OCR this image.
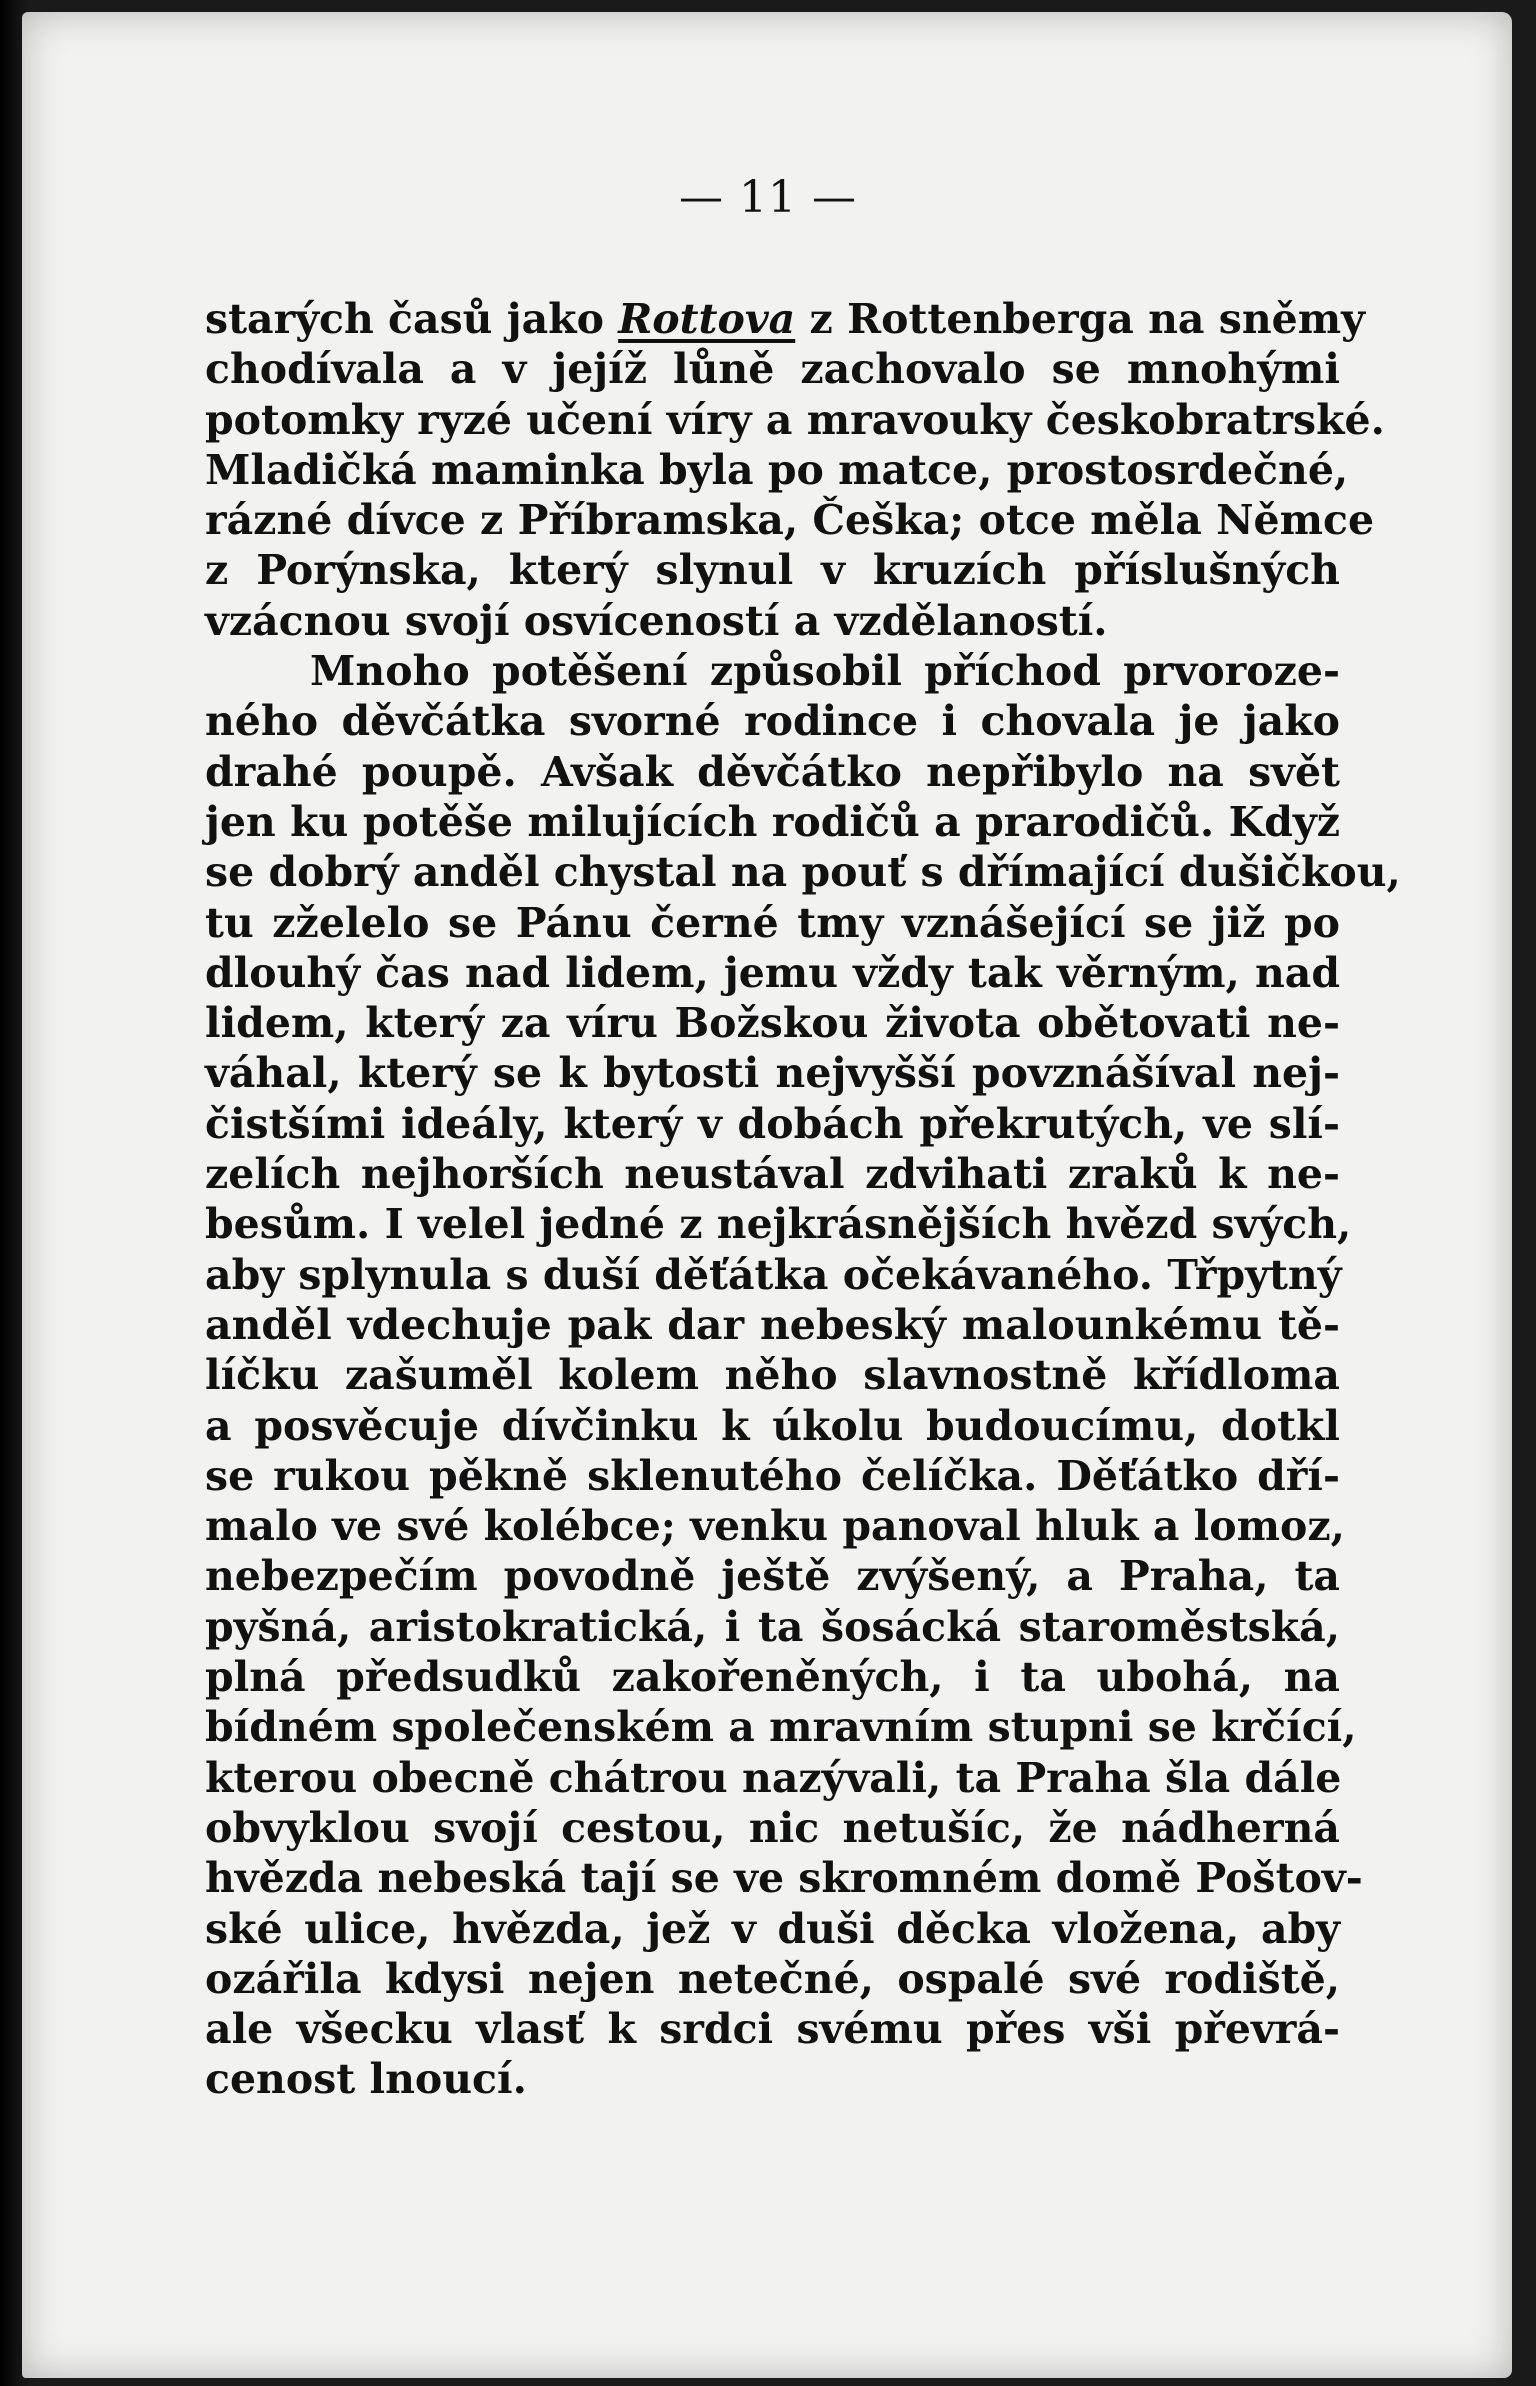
— 11 —
starých časů jako Rottova z Rottenberga na sněmy
chodívala a v jejíž lůně zachovalo se mnohými
potomky ryzé učení víry a mravouky českobratrské.
Mladičká maminka byla po matce, prostosrdečné,
rázné dívce z Příbramska, Češka; otce měla Němce
z Porýnska, který slynul v kruzích příslušných
vzácnou svojí osvíceností a vzdělaností.
Mnoho potěšení způsobil příchod prvoroze-
ného děvčátka svorné rodince i chovala je jako
drahé poupě. Avšak děvčátko nepřibylo na svět
jen ku potěše milujících rodičů a prarodičů. Když
se dobrý anděl chystal na pouť s dřímající dušičkou,
tu zželelo se Pánu černé tmy vznášející se již po
dlouhý čas nad lidem, jemu vždy tak věrným, nad
lidem, který za víru Božskou života obětovati ne-
váhal, který se k bytosti nejvyšší povznášíval nej-
čistšími ideály, který v dobách překrutých, ve slí-
zelích nejhorších neustával zdvihati zraků k ne-
besům. I velel jedné z nejkrásnějších hvězd svých,
aby splynula s duší děťátka očekávaného. Třpytný
anděl vdechuje pak dar nebeský malounkému tě-
líčku zašuměl kolem něho slavnostně křídloma
a posvěcuje dívčinku k úkolu budoucímu, dotkl
se rukou pěkně sklenutého čelíčka. Děťátko dří-
malo ve své kolébce; venku panoval hluk a lomoz,
nebezpečím povodně ještě zvýšený, a Praha, ta
pyšná, aristokratická, i ta šosácká staroměstská,
plná předsudků zakořeněných, i ta ubohá, na
bídném společenském a mravním stupni se krčící,
kterou obecně chátrou nazývali, ta Praha šla dále
obvyklou svojí cestou, nic netušíc, že nádherná
hvězda nebeská tají se ve skromném domě Poštov-
ské ulice, hvězda, jež v duši děcka vložena, aby
ozářila kdysi nejen netečné, ospalé své rodiště,
ale všecku vlasť k srdci svému přes vši převrá-
cenost lnoucí.
